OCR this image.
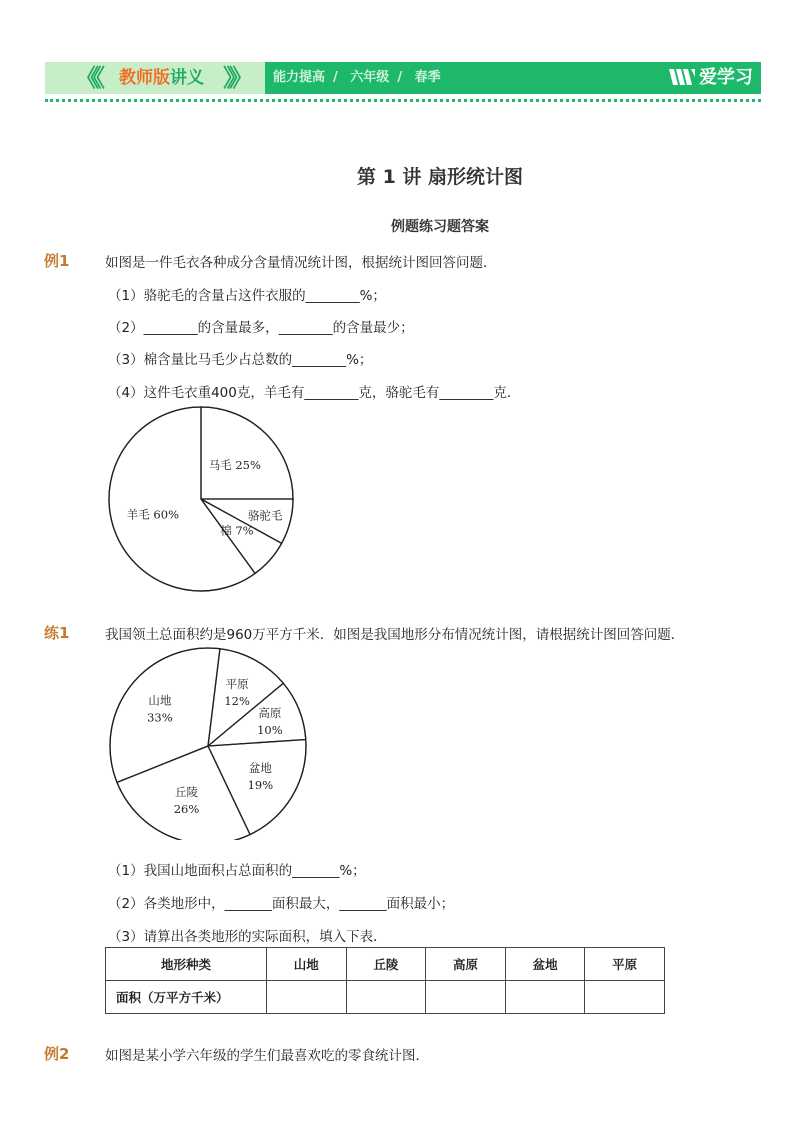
《《 教师版讲义 》》 能力提高 / 六年级 / 春季	爱学习
第 1 讲 扇形统计图
例题练习题答案
例1	如图是一件毛衣各种成分含量情况统计图，根据统计图回答问题．
（1）骆驼毛的含量占这件衣服的________%；
（2）________的含量最多，________的含量最少；
（3）棉含量比马毛少占总数的________%；
（4）这件毛衣重400克，羊毛有________克，骆驼毛有________克．
马毛 25%
骆驼毛
棉 7%
羊毛 60%
练1	我国领土总面积约是960万平方千米．如图是我国地形分布情况统计图，请根据统计图回答问题．
平原
12%
高原
10%
盆地
19%
丘陵
26%
山地
33%
（1）我国山地面积占总面积的_______%；
（2）各类地形中，_______面积最大，_______面积最小；
（3）请算出各类地形的实际面积，填入下表．
地形种类	山地	丘陵	高原	盆地	平原
面积（万平方千米）					
例2	如图是某小学六年级的学生们最喜欢吃的零食统计图．
